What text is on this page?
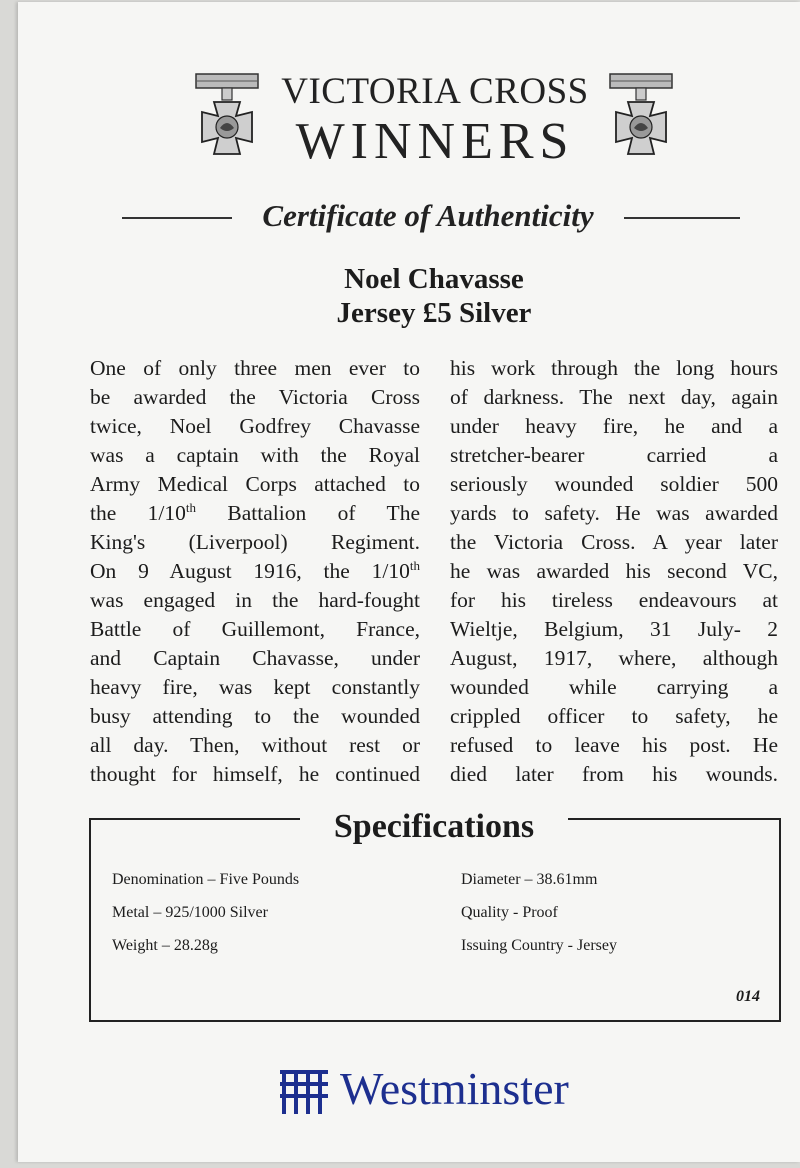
VICTORIA CROSS
WINNERS
Certificate of Authenticity
Noel Chavasse
Jersey £5 Silver
One of only three men ever to
be awarded the Victoria Cross
twice, Noel Godfrey Chavasse
was a captain with the Royal
Army Medical Corps attached to
the 1/10th Battalion of The
King's (Liverpool) Regiment.
On 9 August 1916, the 1/10th
was engaged in the hard-fought
Battle of Guillemont, France,
and Captain Chavasse, under
heavy fire, was kept constantly
busy attending to the wounded
all day. Then, without rest or
thought for himself, he continued
his work through the long hours
of darkness. The next day, again
under heavy fire, he and a
stretcher-bearer carried a
seriously wounded soldier 500
yards to safety. He was awarded
the Victoria Cross. A year later
he was awarded his second VC,
for his tireless endeavours at
Wieltje, Belgium, 31 July- 2
August, 1917, where, although
wounded while carrying a
crippled officer to safety, he
refused to leave his post. He
died later from his wounds.
Specifications
Denomination – Five Pounds
Metal – 925/1000 Silver
Weight – 28.28g
Diameter – 38.61mm
Quality - Proof
Issuing Country - Jersey
014
Westminster
